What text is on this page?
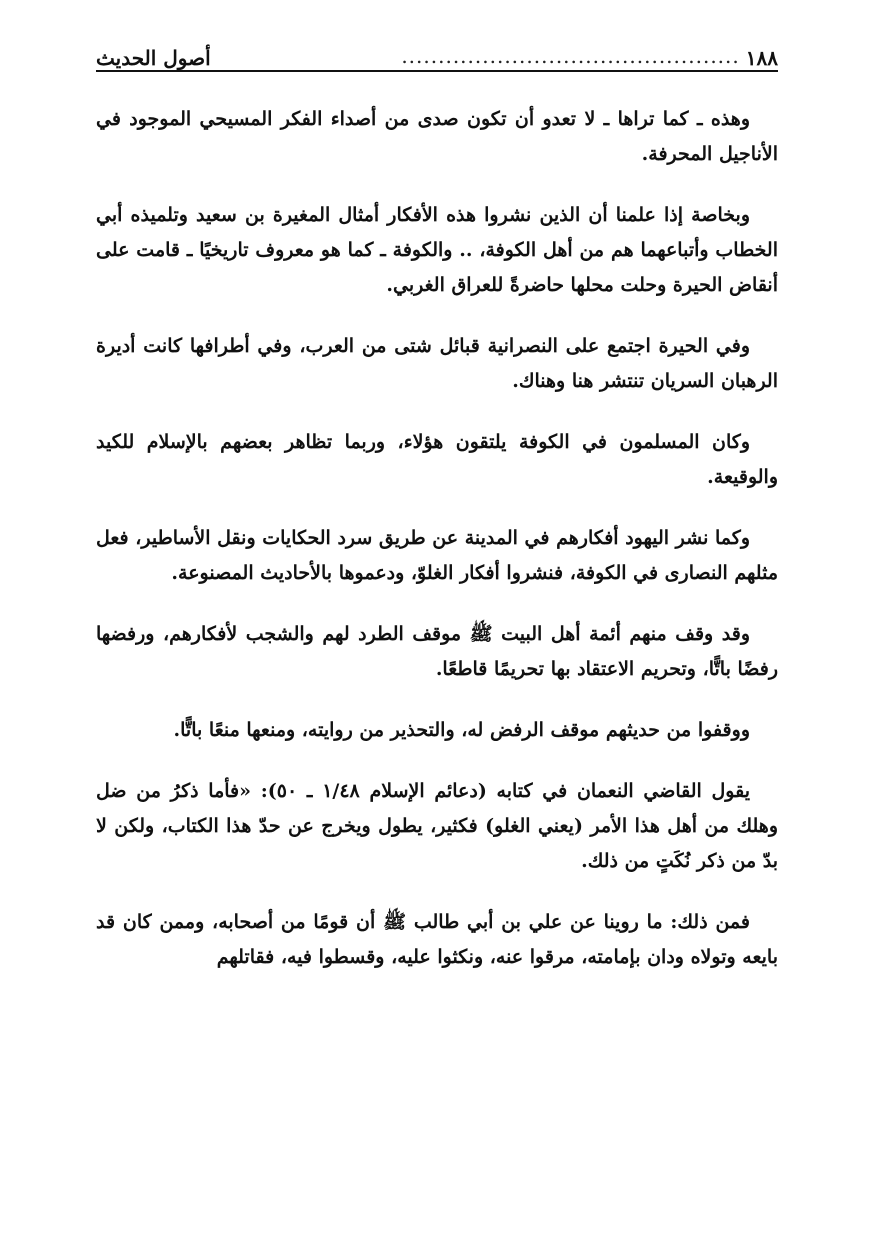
١٨٨
..............................................
أصول الحديث

وهذه ـ كما تراها ـ لا تعدو أن تكون صدى من أصداء الفكر المسيحي الموجود في الأناجيل المحرفة.

وبخاصة إذا علمنا أن الذين نشروا هذه الأفكار أمثال المغيرة بن سعيد وتلميذه أبي الخطاب وأتباعهما هم من أهل الكوفة، .. والكوفة ـ كما هو معروف تاريخيًا ـ قامت على أنقاض الحيرة وحلت محلها حاضرةً للعراق الغربي.

وفي الحيرة اجتمع على النصرانية قبائل شتى من العرب، وفي أطرافها كانت أديرة الرهبان السريان تنتشر هنا وهناك.

وكان المسلمون في الكوفة يلتقون هؤلاء، وربما تظاهر بعضهم بالإسلام للكيد والوقيعة.

وكما نشر اليهود أفكارهم في المدينة عن طريق سرد الحكايات ونقل الأساطير، فعل مثلهم النصارى في الكوفة، فنشروا أفكار الغلوّ، ودعموها بالأحاديث المصنوعة.

وقد وقف منهم أئمة أهل البيت ﷺ موقف الطرد لهم والشجب لأفكارهم، ورفضها رفضًا باتًّا، وتحريم الاعتقاد بها تحريمًا قاطعًا.

ووقفوا من حديثهم موقف الرفض له، والتحذير من روايته، ومنعها منعًا باتًّا.

يقول القاضي النعمان في كتابه (دعائم الإسلام ١/٤٨ ـ ٥٠): «فأما ذكرُ من ضل وهلك من أهل هذا الأمر (يعني الغلو) فكثير، يطول ويخرج عن حدّ هذا الكتاب، ولكن لا بدّ من ذكر نُكَتٍ من ذلك.

فمن ذلك: ما روينا عن علي بن أبي طالب ﷺ أن قومًا من أصحابه، وممن كان قد بايعه وتولاه ودان بإمامته، مرقوا عنه، ونكثوا عليه، وقسطوا فيه، فقاتلهم
